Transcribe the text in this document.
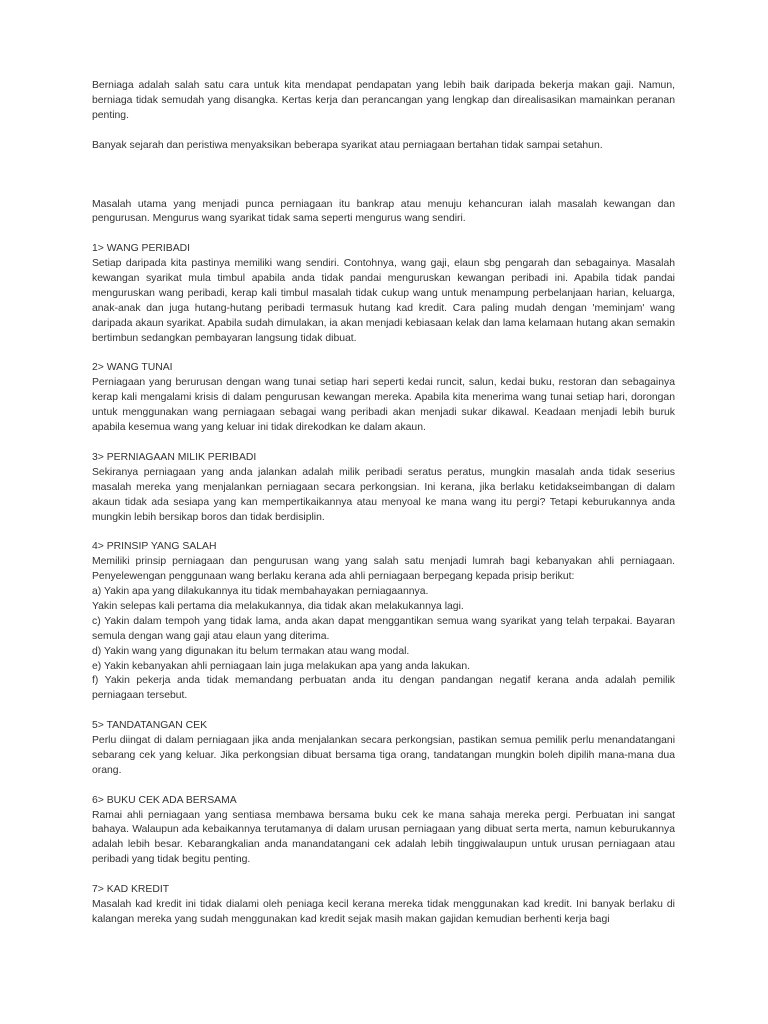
Berniaga adalah salah satu cara untuk kita mendapat pendapatan yang lebih baik daripada bekerja makan gaji. Namun, berniaga tidak semudah yang disangka. Kertas kerja dan perancangan yang lengkap dan direalisasikan mamainkan peranan penting.

Banyak sejarah dan peristiwa menyaksikan beberapa syarikat atau perniagaan bertahan tidak sampai setahun.

Masalah utama yang menjadi punca perniagaan itu bankrap atau menuju kehancuran ialah masalah kewangan dan pengurusan. Mengurus wang syarikat tidak sama seperti mengurus wang sendiri.

1> WANG PERIBADI
Setiap daripada kita pastinya memiliki wang sendiri. Contohnya, wang gaji, elaun sbg pengarah dan sebagainya. Masalah kewangan syarikat mula timbul apabila anda tidak pandai menguruskan kewangan peribadi ini. Apabila tidak pandai menguruskan wang peribadi, kerap kali timbul masalah tidak cukup wang untuk menampung perbelanjaan harian, keluarga, anak-anak dan juga hutang-hutang peribadi termasuk hutang kad kredit. Cara paling mudah dengan 'meminjam' wang daripada akaun syarikat. Apabila sudah dimulakan, ia akan menjadi kebiasaan kelak dan lama kelamaan hutang akan semakin bertimbun sedangkan pembayaran langsung tidak dibuat.
2> WANG TUNAI
Perniagaan yang berurusan dengan wang tunai setiap hari seperti kedai runcit, salun, kedai buku, restoran dan sebagainya kerap kali mengalami krisis di dalam pengurusan kewangan mereka. Apabila kita menerima wang tunai setiap hari, dorongan untuk menggunakan wang perniagaan sebagai wang peribadi akan menjadi sukar dikawal. Keadaan menjadi lebih buruk apabila kesemua wang yang keluar ini tidak direkodkan ke dalam akaun.
3> PERNIAGAAN MILIK PERIBADI
Sekiranya perniagaan yang anda jalankan adalah milik peribadi seratus peratus, mungkin masalah anda tidak seserius masalah mereka yang menjalankan perniagaan secara perkongsian. Ini kerana, jika berlaku ketidakseimbangan di dalam akaun tidak ada sesiapa yang kan mempertikaikannya atau menyoal ke mana wang itu pergi? Tetapi keburukannya anda mungkin lebih bersikap boros dan tidak berdisiplin.
4> PRINSIP YANG SALAH
Memiliki prinsip perniagaan dan pengurusan wang yang salah satu menjadi lumrah bagi kebanyakan ahli perniagaan. Penyelewengan penggunaan wang berlaku kerana ada ahli perniagaan berpegang kepada prisip berikut:
a) Yakin apa yang dilakukannya itu tidak membahayakan perniagaannya.
Yakin selepas kali pertama dia melakukannya, dia tidak akan melakukannya lagi.
c) Yakin dalam tempoh yang tidak lama, anda akan dapat menggantikan semua wang syarikat yang telah terpakai. Bayaran semula dengan wang gaji atau elaun yang diterima.
d) Yakin wang yang digunakan itu belum termakan atau wang modal.
e) Yakin kebanyakan ahli perniagaan lain juga melakukan apa yang anda lakukan.
f) Yakin pekerja anda tidak memandang perbuatan anda itu dengan pandangan negatif kerana anda adalah pemilik perniagaan tersebut.
5> TANDATANGAN CEK
Perlu diingat di dalam perniagaan jika anda menjalankan secara perkongsian, pastikan semua pemilik perlu menandatangani sebarang cek yang keluar. Jika perkongsian dibuat bersama tiga orang, tandatangan mungkin boleh dipilih mana-mana dua orang.
6> BUKU CEK ADA BERSAMA
Ramai ahli perniagaan yang sentiasa membawa bersama buku cek ke mana sahaja mereka pergi. Perbuatan ini sangat bahaya. Walaupun ada kebaikannya terutamanya di dalam urusan perniagaan yang dibuat serta merta, namun keburukannya adalah lebih besar. Kebarangkalian anda manandatangani cek adalah lebih tinggiwalaupun untuk urusan perniagaan atau peribadi yang tidak begitu penting.
7> KAD KREDIT
Masalah kad kredit ini tidak dialami oleh peniaga kecil kerana mereka tidak menggunakan kad kredit. Ini banyak berlaku di kalangan mereka yang sudah menggunakan kad kredit sejak masih makan gajidan kemudian berhenti kerja bagi
